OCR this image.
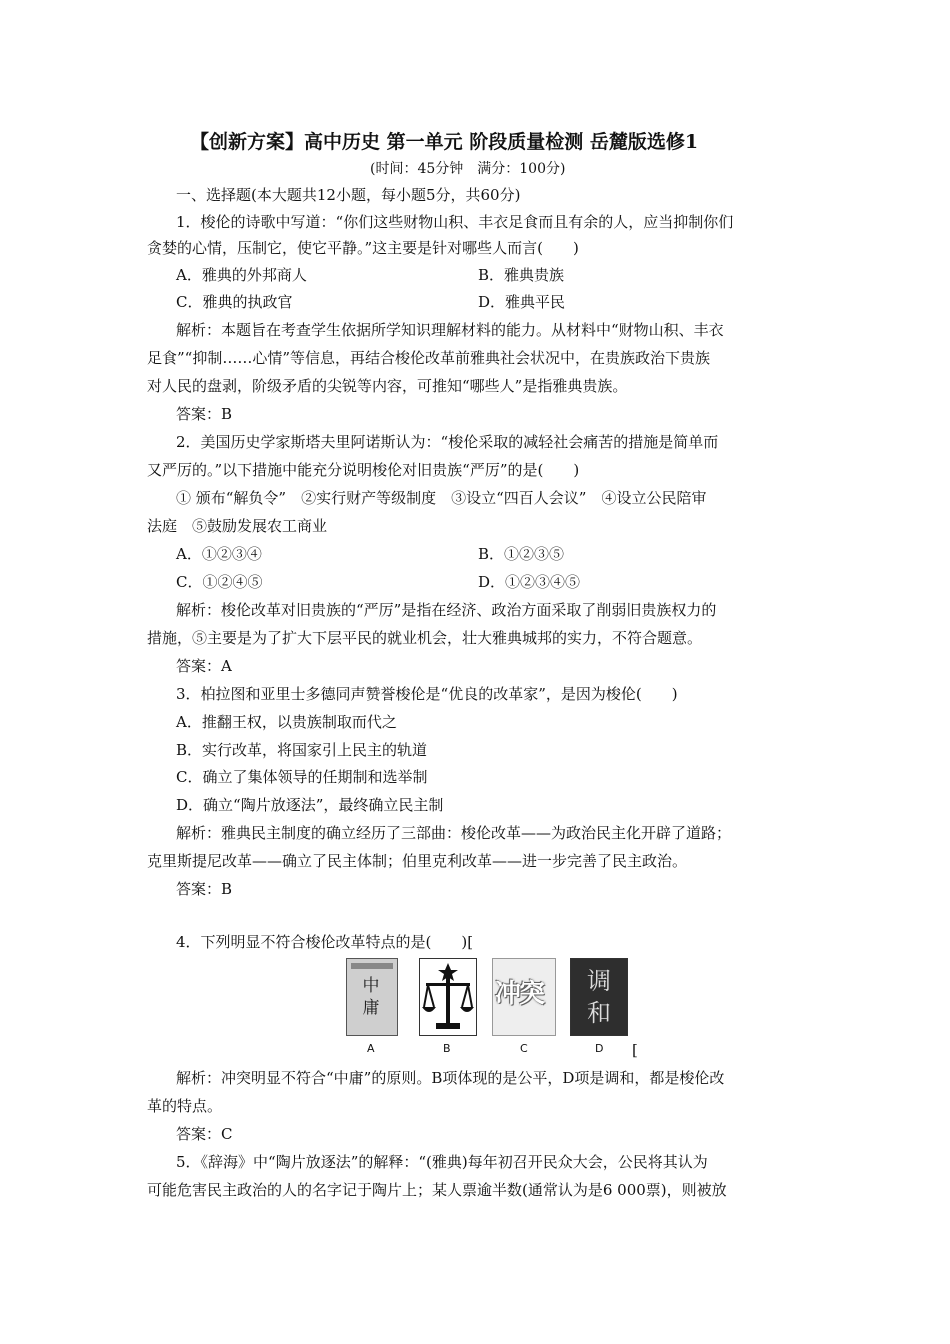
【创新方案】高中历史 第一单元 阶段质量检测 岳麓版选修1
(时间：45分钟　满分：100分)
一、选择题(本大题共12小题，每小题5分，共60分)
1．梭伦的诗歌中写道：“你们这些财物山积、丰衣足食而且有余的人，应当抑制你们
贪婪的心情，压制它，使它平静。”这主要是针对哪些人而言(　　)
A．雅典的外邦商人	B．雅典贵族
C．雅典的执政官	D．雅典平民
解析：本题旨在考查学生依据所学知识理解材料的能力。从材料中“财物山积、丰衣
足食”“抑制……心情”等信息，再结合梭伦改革前雅典社会状况中，在贵族政治下贵族
对人民的盘剥，阶级矛盾的尖锐等内容，可推知“哪些人”是指雅典贵族。
答案：B
2．美国历史学家斯塔夫里阿诺斯认为：“梭伦采取的减轻社会痛苦的措施是简单而
又严厉的。”以下措施中能充分说明梭伦对旧贵族“严厉”的是(　　)
① 颁布“解负令”　②实行财产等级制度　③设立“四百人会议”　④设立公民陪审
法庭　⑤鼓励发展农工商业
A．①②③④	B．①②③⑤
C．①②④⑤	D．①②③④⑤
解析：梭伦改革对旧贵族的“严厉”是指在经济、政治方面采取了削弱旧贵族权力的
措施，⑤主要是为了扩大下层平民的就业机会，壮大雅典城邦的实力，不符合题意。
答案：A
3．柏拉图和亚里士多德同声赞誉梭伦是“优良的改革家”，是因为梭伦(　　)
A．推翻王权，以贵族制取而代之
B．实行改革，将国家引上民主的轨道
C．确立了集体领导的任期制和选举制
D．确立“陶片放逐法”，最终确立民主制
解析：雅典民主制度的确立经历了三部曲：梭伦改革——为政治民主化开辟了道路；
克里斯提尼改革——确立了民主体制；伯里克利改革——进一步完善了民主政治。
答案：B
4．下列明显不符合梭伦改革特点的是(　　)[
中庸	冲突	调和
A	B	C	D [
解析：冲突明显不符合“中庸”的原则。B项体现的是公平，D项是调和，都是梭伦改
革的特点。
答案：C
5．《辞海》中“陶片放逐法”的解释：“(雅典)每年初召开民众大会，公民将其认为
可能危害民主政治的人的名字记于陶片上；某人票逾半数(通常认为是6 000票)，则被放
